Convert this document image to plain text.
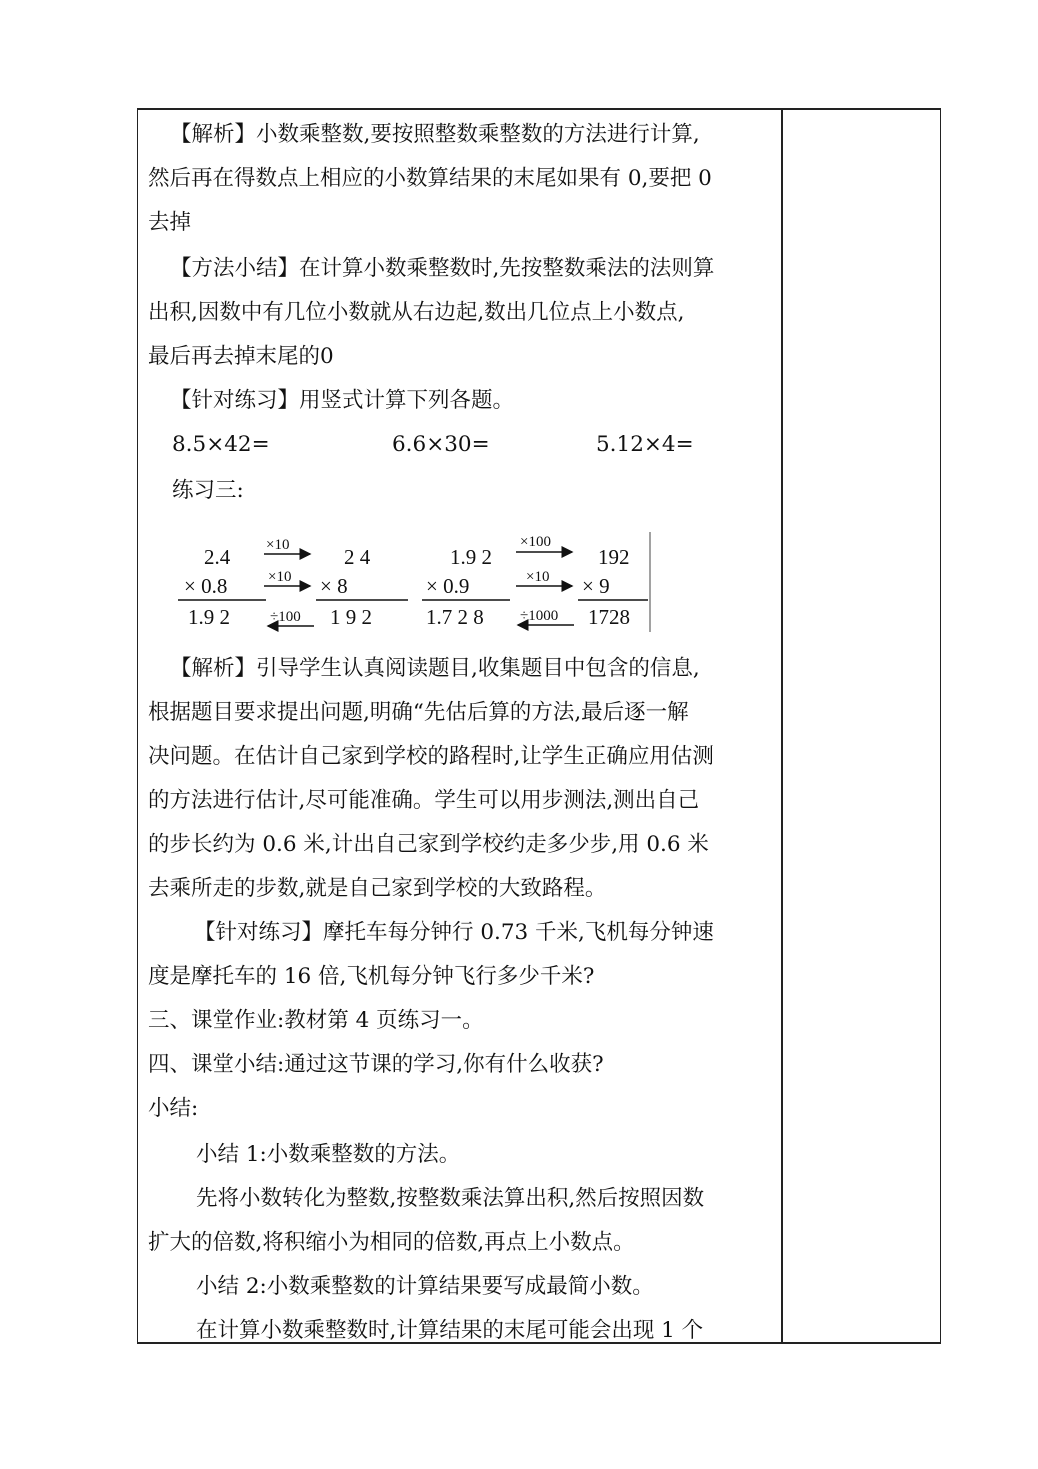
【解析】小数乘整数,要按照整数乘整数的方法进行计算,
然后再在得数点上相应的小数算结果的末尾如果有 0,要把 0
去掉
【方法小结】在计算小数乘整数时,先按整数乘法的法则算
出积,因数中有几位小数就从右边起,数出几位点上小数点,
最后再去掉末尾的0
【针对练习】用竖式计算下列各题。
8.5×42=	6.6×30=	5.12×4=
练习三:
2.4
× 0.8
1.9 2
×10
×10
÷100
2 4
× 8
1 9 2
1.9 2
× 0.9
1.7 2 8
×100
×10
÷1000
192
× 9
1728
【解析】引导学生认真阅读题目,收集题目中包含的信息,
根据题目要求提出问题,明确“先估后算的方法,最后逐一解
决问题。在估计自己家到学校的路程时,让学生正确应用估测
的方法进行估计,尽可能准确。学生可以用步测法,测出自己
的步长约为 0.6 米,计出自己家到学校约走多少步,用 0.6 米
去乘所走的步数,就是自己家到学校的大致路程。
【针对练习】摩托车每分钟行 0.73 千米,飞机每分钟速
度是摩托车的 16 倍,飞机每分钟飞行多少千米?
三、课堂作业:教材第 4 页练习一。
四、课堂小结:通过这节课的学习,你有什么收获?
小结:
小结 1:小数乘整数的方法。
先将小数转化为整数,按整数乘法算出积,然后按照因数
扩大的倍数,将积缩小为相同的倍数,再点上小数点。
小结 2:小数乘整数的计算结果要写成最简小数。
在计算小数乘整数时,计算结果的末尾可能会出现 1 个
